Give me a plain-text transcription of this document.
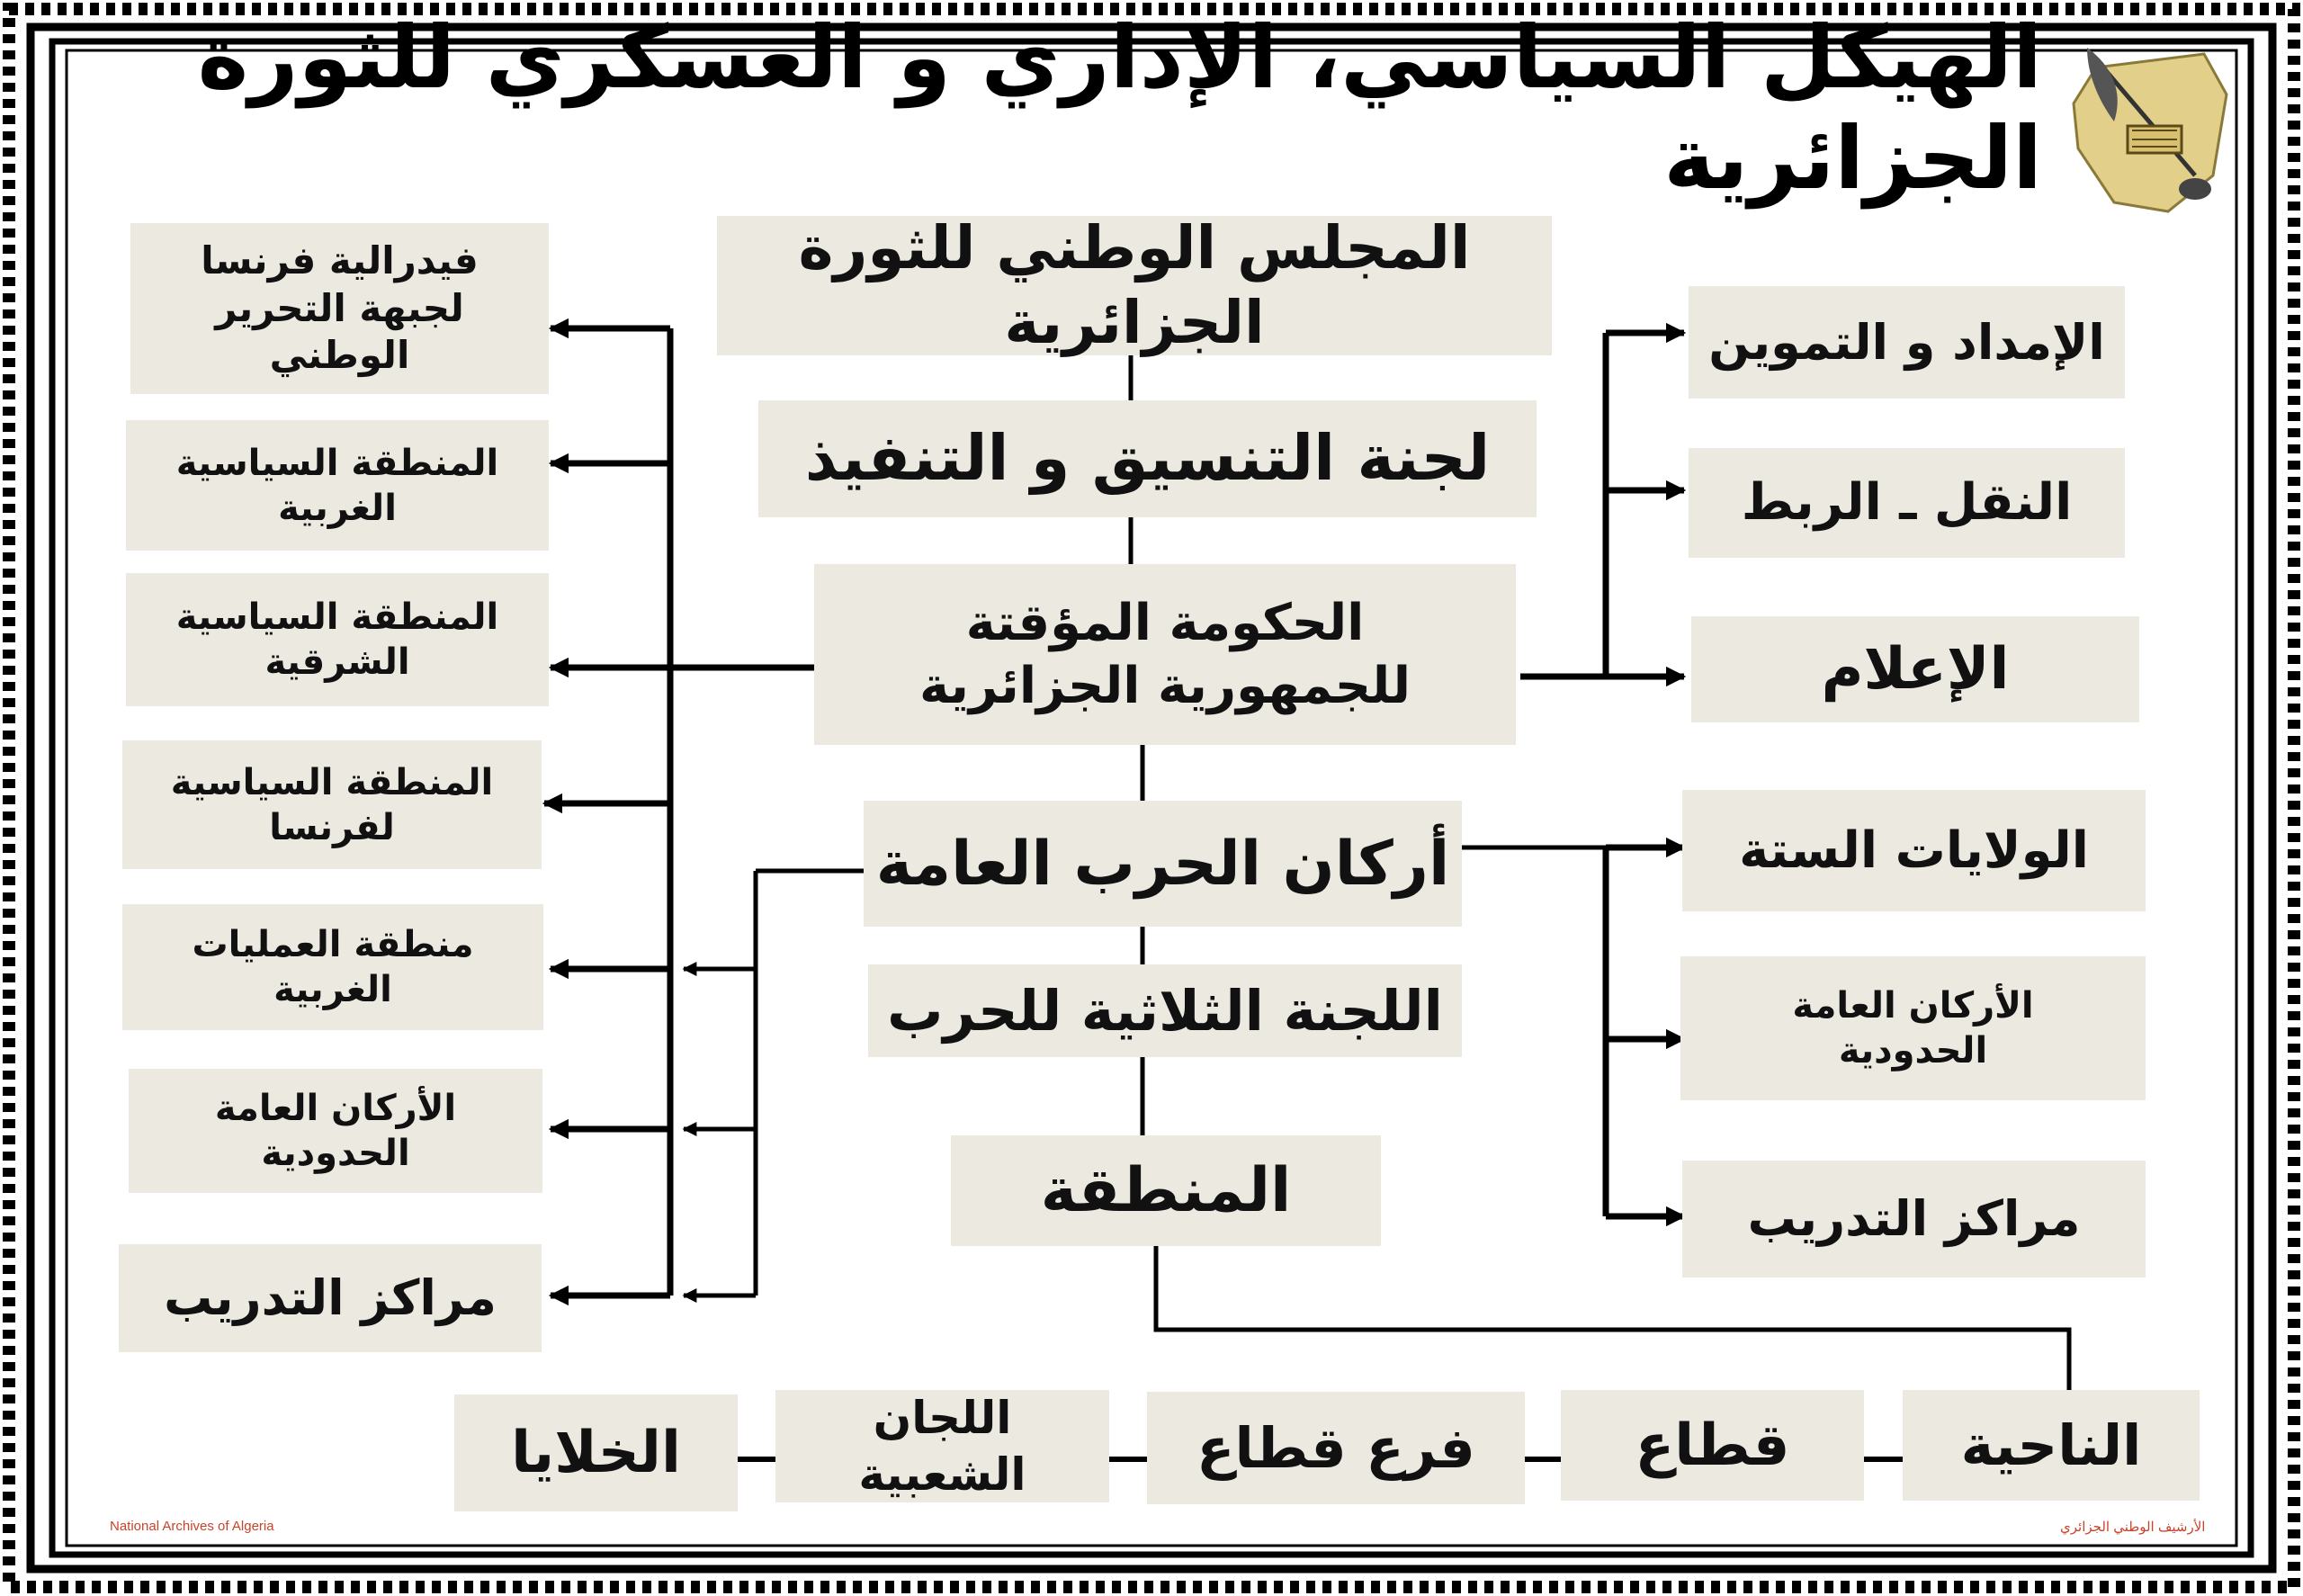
الهيكل السياسي، الإداري و العسكري للثورة الجزائرية
المجلس الوطني للثورة الجزائرية
لجنة التنسيق و التنفيذ
الحكومة المؤقتة
للجمهورية الجزائرية
أركان الحرب العامة
اللجنة الثلاثية للحرب
المنطقة
فيدرالية فرنسا
لجبهة التحرير الوطني
المنطقة السياسية
الغربية
المنطقة السياسية
الشرقية
المنطقة السياسية
لفرنسا
منطقة العمليات
الغربية
الأركان العامة
الحدودية
مراكز التدريب
الإمداد و التموين
النقل ـ الربط
الإعلام
الولايات الستة
الأركان العامة
الحدودية
مراكز التدريب
الناحية
قطاع
فرع قطاع
اللجان الشعبية
الخلايا
National Archives of Algeria	الأرشيف الوطني الجزائري
